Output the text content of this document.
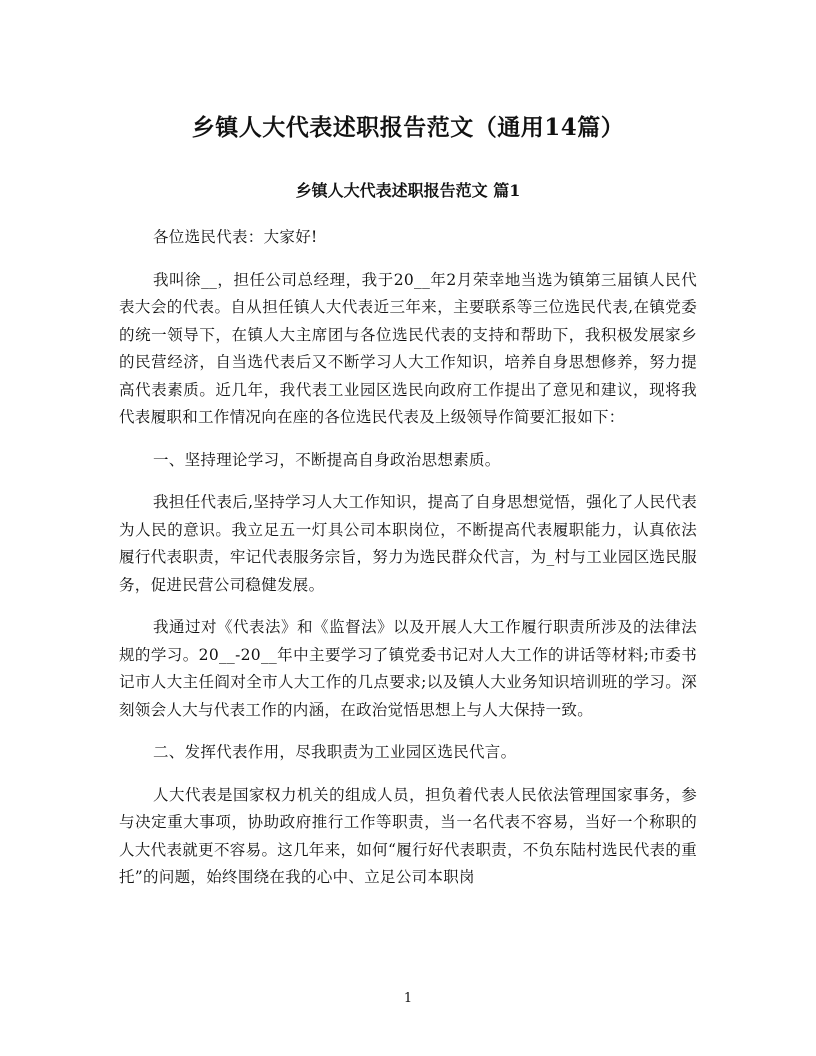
乡镇人大代表述职报告范文（通用14篇）
乡镇人大代表述职报告范文 篇1

各位选民代表：大家好!

我叫徐__，担任公司总经理，我于20__年2月荣幸地当选为镇第三届镇人民代表大会的代表。自从担任镇人大代表近三年来，主要联系等三位选民代表,在镇党委的统一领导下，在镇人大主席团与各位选民代表的支持和帮助下，我积极发展家乡的民营经济，自当选代表后又不断学习人大工作知识，培养自身思想修养，努力提高代表素质。近几年，我代表工业园区选民向政府工作提出了意见和建议，现将我代表履职和工作情况向在座的各位选民代表及上级领导作简要汇报如下：

一、坚持理论学习，不断提高自身政治思想素质。

我担任代表后,坚持学习人大工作知识，提高了自身思想觉悟，强化了人民代表为人民的意识。我立足五一灯具公司本职岗位，不断提高代表履职能力，认真依法履行代表职责，牢记代表服务宗旨，努力为选民群众代言，为_村与工业园区选民服务，促进民营公司稳健发展。

我通过对《代表法》和《监督法》以及开展人大工作履行职责所涉及的法律法规的学习。20__-20__年中主要学习了镇党委书记对人大工作的讲话等材料;市委书记市人大主任阎对全市人大工作的几点要求;以及镇人大业务知识培训班的学习。深刻领会人大与代表工作的内涵，在政治觉悟思想上与人大保持一致。

二、发挥代表作用，尽我职责为工业园区选民代言。

人大代表是国家权力机关的组成人员，担负着代表人民依法管理国家事务，参与决定重大事项，协助政府推行工作等职责，当一名代表不容易，当好一个称职的人大代表就更不容易。这几年来，如何“履行好代表职责，不负东陆村选民代表的重托”的问题，始终围绕在我的心中、立足公司本职岗

1
